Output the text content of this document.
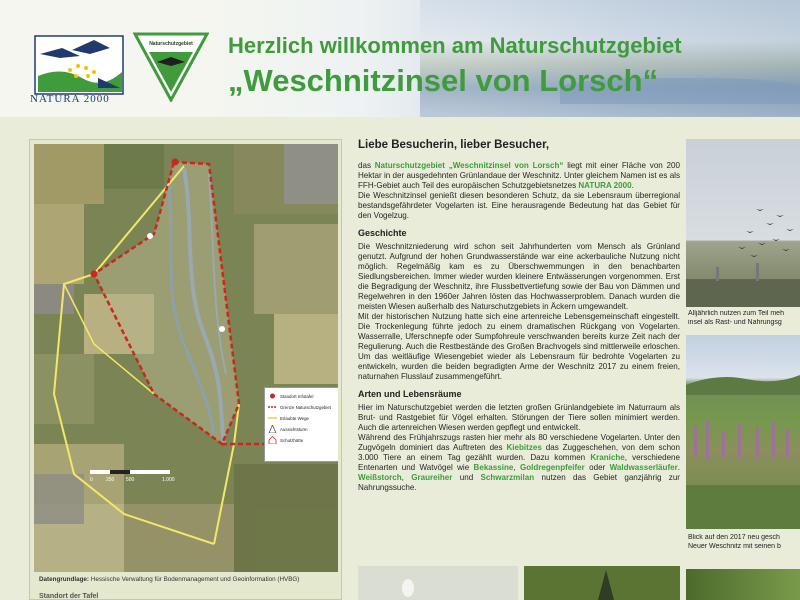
NATURA 2000
Naturschutzgebiet Herzlich willkommen am Naturschutzgebiet
„Weschnitzinsel von Lorsch“
0	250 500	1.000
Standort Infotafel
Grenze Naturschutzgebiet
Erlaubte Wege
Aussichtsturm
Schutzhütte
Datengrundlage: Hessische Verwaltung für Bodenmanagement und Geoinformation (HVBG)
Standort der Tafel

Liebe Besucherin, lieber Besucher,

das Naturschutzgebiet „Weschnitzinsel von Lorsch“ liegt mit einer Fläche von 200 Hektar in der ausgedehnten Grünlandaue der Weschnitz. Unter gleichem Namen ist es als FFH-Gebiet auch Teil des europäischen Schutzgebietsnetzes NATURA 2000.

Die Weschnitzinsel genießt diesen besonderen Schutz, da sie Lebensraum überregional bestandsgefährdeter Vogelarten ist. Eine herausragende Bedeutung hat das Gebiet für den Vogelzug.

Geschichte

Die Weschnitzniederung wird schon seit Jahrhunderten vom Mensch als Grünland genutzt. Aufgrund der hohen Grundwasserstände war eine ackerbauliche Nutzung nicht möglich. Regelmäßig kam es zu Überschwemmungen in den benachbarten Siedlungsbereichen. Immer wieder wurden kleinere Entwässerungen vorgenommen. Erst die Begradigung der Weschnitz, ihre Flussbettvertiefung sowie der Bau von Dämmen und Regelwehren in den 1960er Jahren lösten das Hochwasserproblem. Danach wurden die meisten Wiesen außerhalb des Naturschutzgebiets in Äckern umgewandelt.

Mit der historischen Nutzung hatte sich eine artenreiche Lebensgemeinschaft eingestellt. Die Trockenlegung führte jedoch zu einem dramatischen Rückgang von Vogelarten. Wasserralle, Uferschnepfe oder Sumpfohreule verschwanden bereits kurze Zeit nach der Regulierung. Auch die Restbestände des Großen Brachvogels sind mittlerweile erloschen. Um das weitläufige Wiesengebiet wieder als Lebensraum für bedrohte Vogelarten zu entwickeln, wurden die beiden begradigten Arme der Weschnitz 2017 zu einem freien, naturnahen Flusslauf zusammengeführt.

Arten und Lebensräume

Hier im Naturschutzgebiet werden die letzten großen Grünlandgebiete im Naturraum als Brut- und Rastgebiet für Vögel erhalten. Störungen der Tiere sollen minimiert werden. Auch die artenreichen Wiesen werden gepflegt und entwickelt.

Während des Frühjahrszugs rasten hier mehr als 80 verschiedene Vogelarten. Unter den Zugvögeln dominiert das Auftreten des Kiebitzes das Zuggeschehen, von dem schon 3.000 Tiere an einem Tag gezählt wurden. Dazu kommen Kraniche, verschiedene Entenarten und Watvögel wie Bekassine, Goldregenpfeifer oder Waldwasserläufer. Weißstorch, Graureiher und Schwarzmilan nutzen das Gebiet ganzjährig zur Nahrungssuche.

Alljährlich nutzen zum Teil meh
insel als Rast- und Nahrungsg
Blick auf den 2017 neu gesch
Neuer Weschnitz mit seinen b
